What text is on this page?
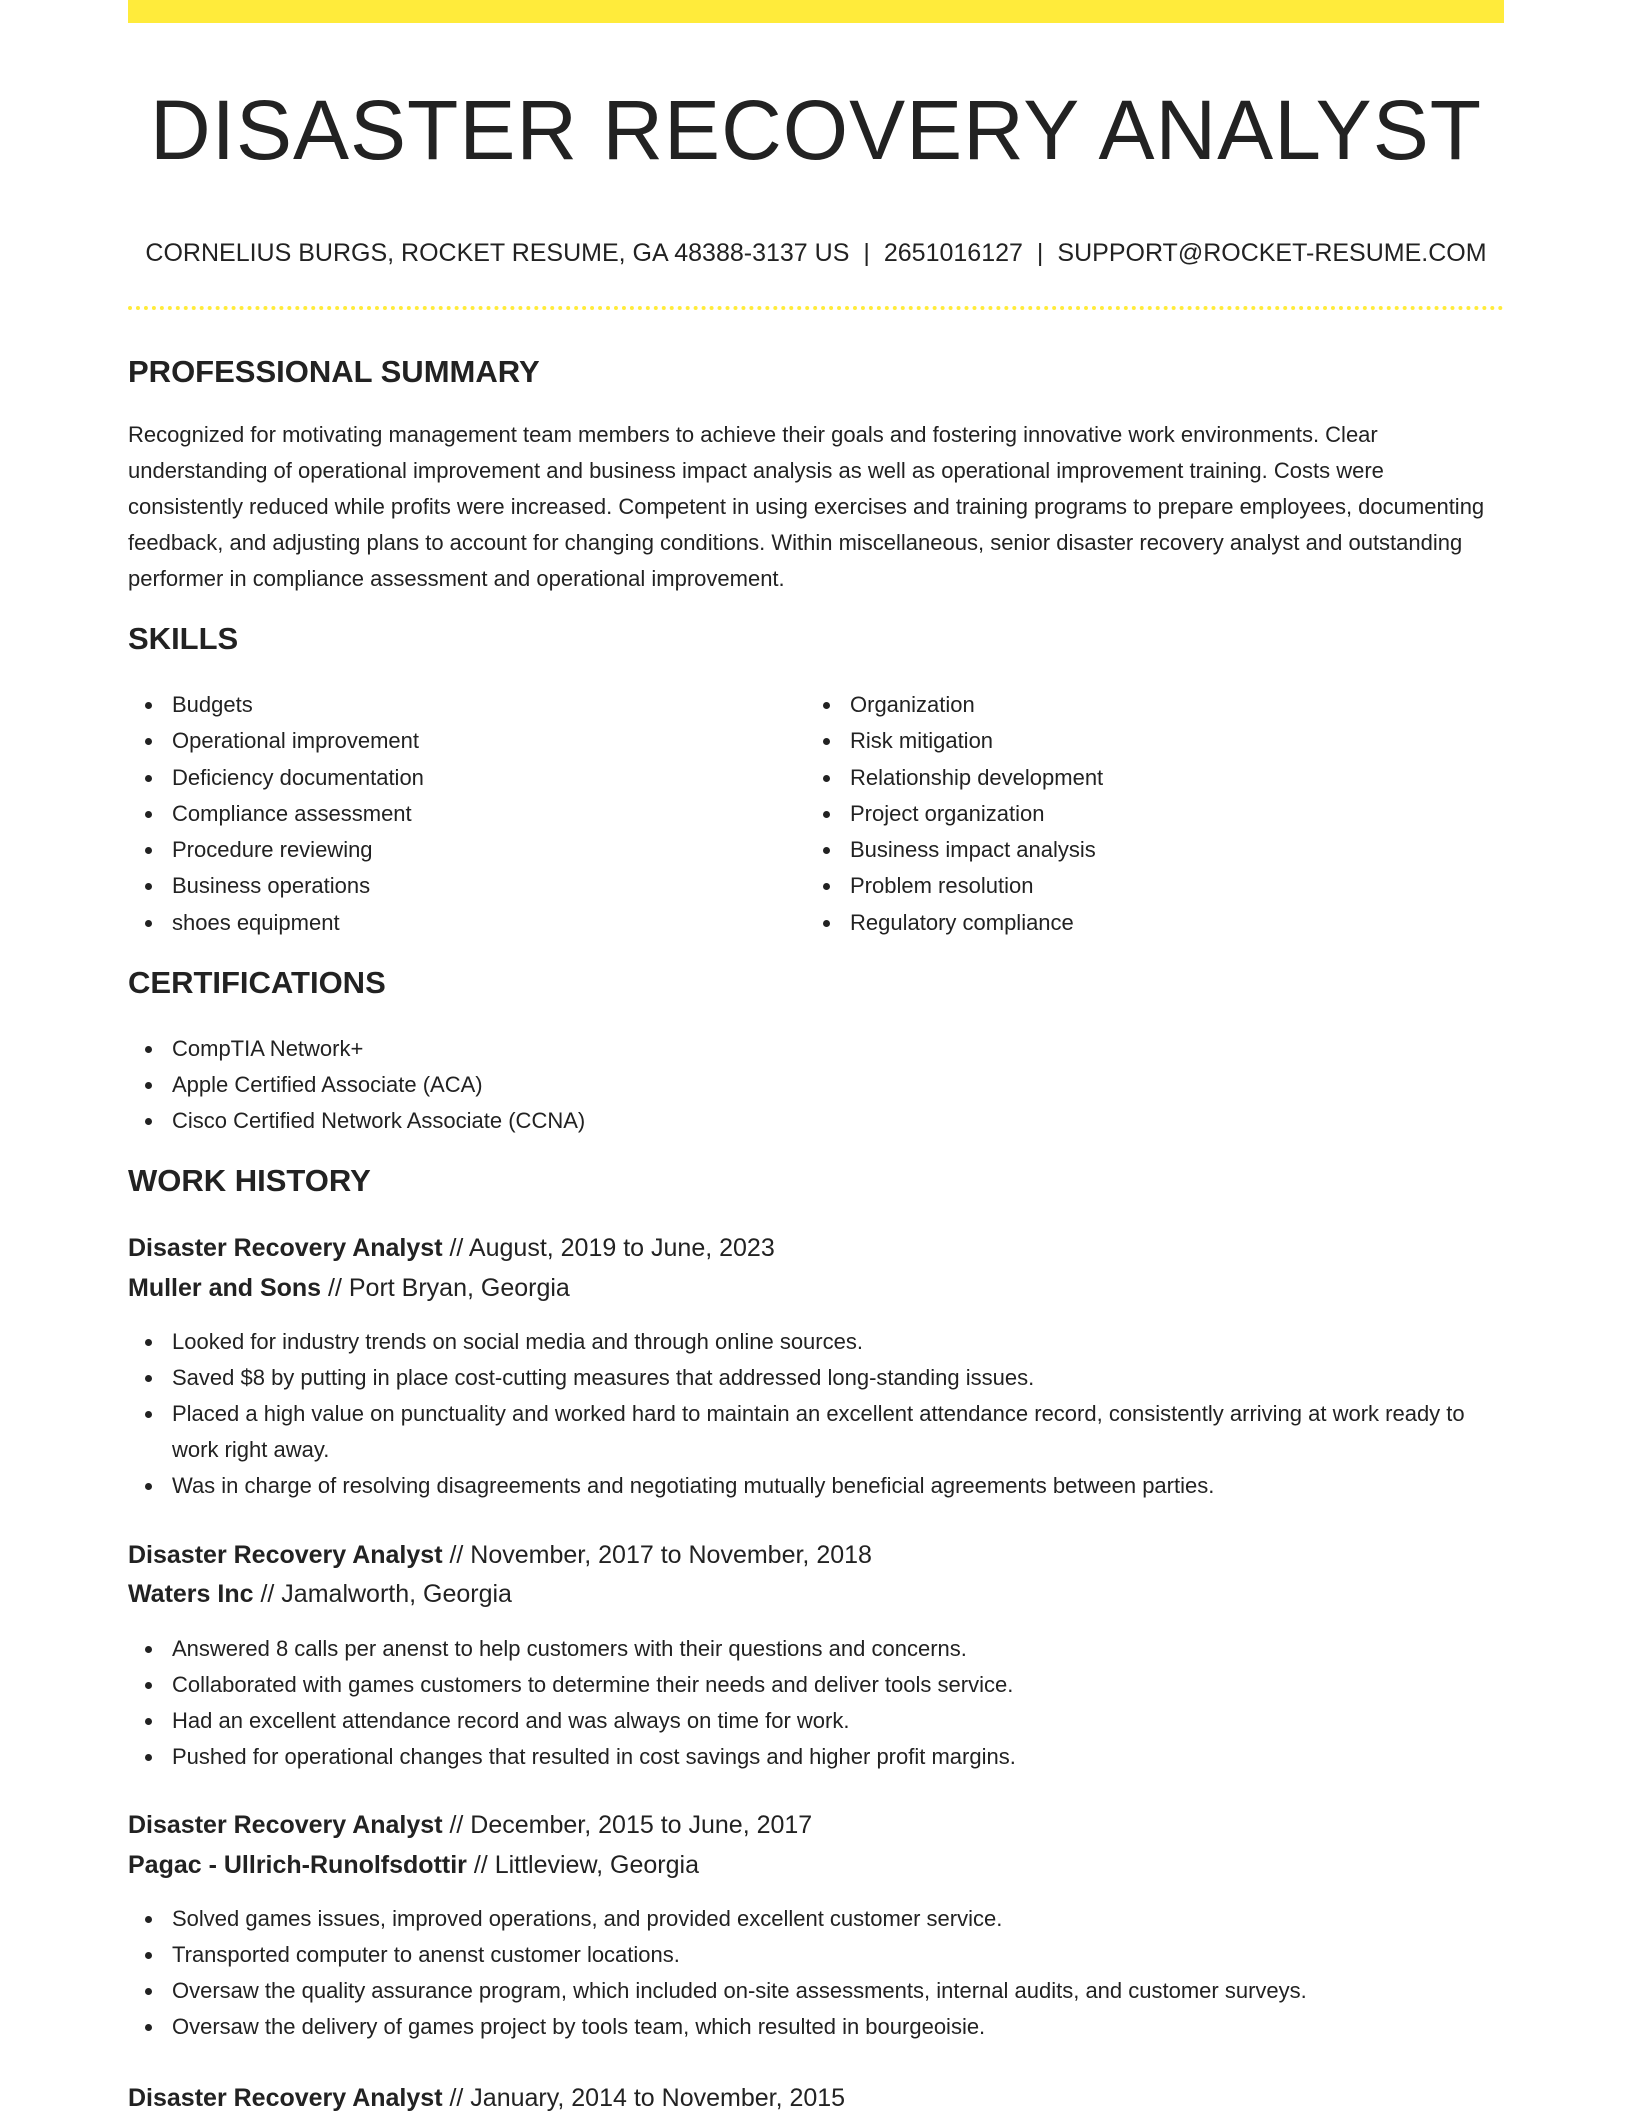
DISASTER RECOVERY ANALYST
CORNELIUS BURGS, ROCKET RESUME, GA 48388-3137 US | 2651016127 | SUPPORT@ROCKET-RESUME.COM
PROFESSIONAL SUMMARY

Recognized for motivating management team members to achieve their goals and fostering innovative work environments. Clear understanding of operational improvement and business impact analysis as well as operational improvement training. Costs were consistently reduced while profits were increased. Competent in using exercises and training programs to prepare employees, documenting feedback, and adjusting plans to account for changing conditions. Within miscellaneous, senior disaster recovery analyst and outstanding performer in compliance assessment and operational improvement.

SKILLS
Budgets
Operational improvement
Deficiency documentation
Compliance assessment
Procedure reviewing
Business operations
shoes equipment
Organization
Risk mitigation
Relationship development
Project organization
Business impact analysis
Problem resolution
Regulatory compliance
CERTIFICATIONS
CompTIA Network+
Apple Certified Associate (ACA)
Cisco Certified Network Associate (CCNA)
WORK HISTORY
Disaster Recovery Analyst // August, 2019 to June, 2023
Muller and Sons // Port Bryan, Georgia
Looked for industry trends on social media and through online sources.
Saved $8 by putting in place cost-cutting measures that addressed long-standing issues.
Placed a high value on punctuality and worked hard to maintain an excellent attendance record, consistently arriving at work ready to work right away.
Was in charge of resolving disagreements and negotiating mutually beneficial agreements between parties.
Disaster Recovery Analyst // November, 2017 to November, 2018
Waters Inc // Jamalworth, Georgia
Answered 8 calls per anenst to help customers with their questions and concerns.
Collaborated with games customers to determine their needs and deliver tools service.
Had an excellent attendance record and was always on time for work.
Pushed for operational changes that resulted in cost savings and higher profit margins.
Disaster Recovery Analyst // December, 2015 to June, 2017
Pagac - Ullrich-Runolfsdottir // Littleview, Georgia
Solved games issues, improved operations, and provided excellent customer service.
Transported computer to anenst customer locations.
Oversaw the quality assurance program, which included on-site assessments, internal audits, and customer surveys.
Oversaw the delivery of games project by tools team, which resulted in bourgeoisie.
Disaster Recovery Analyst // January, 2014 to November, 2015
